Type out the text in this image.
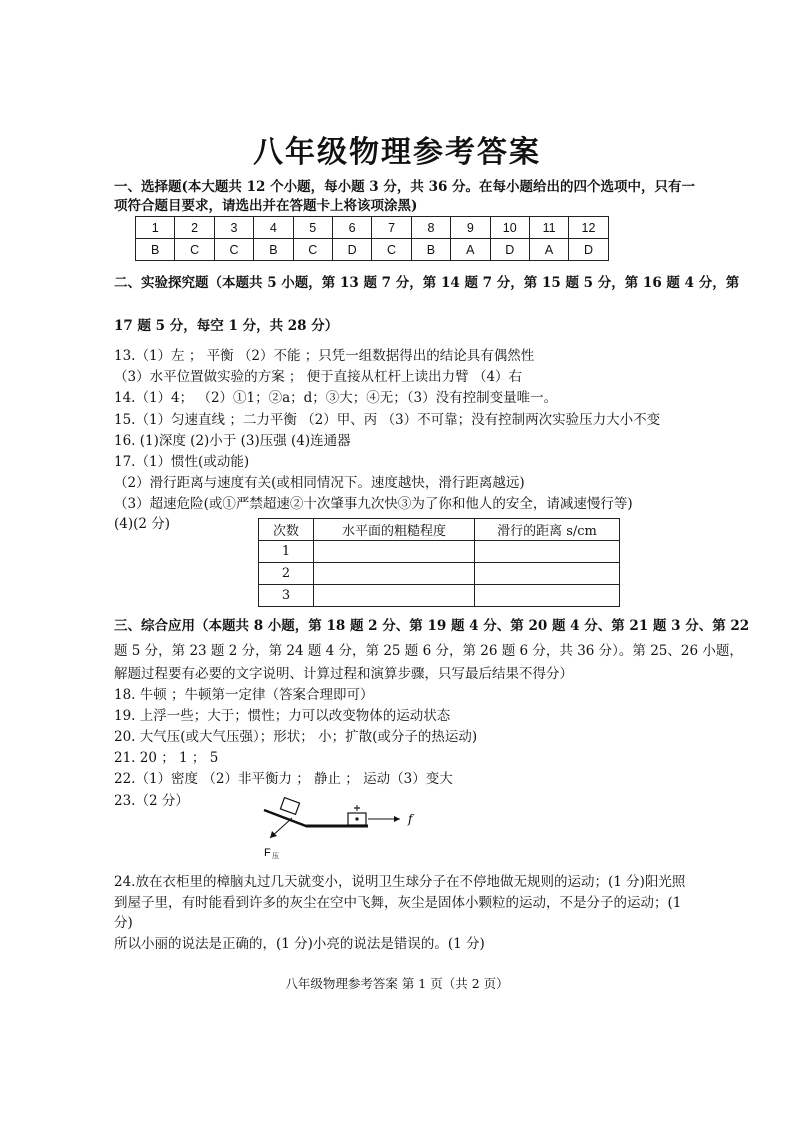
八年级物理参考答案
一、选择题(本大题共 12 个小题，每小题 3 分，共 36 分。在每小题给出的四个选项中，只有一
项符合题目要求，请选出并在答题卡上将该项涂黑)
1	2	3	4	5	6	7	8	9	10	11	12
B	C	C	B	C	D	C	B	A	D	A	D
二、实验探究题（本题共 5 小题，第 13 题 7 分，第 14 题 7 分，第 15 题 5 分，第 16 题 4 分，第
17 题 5 分，每空 1 分，共 28 分）
13.（1）左 ； 平衡 （2）不能 ；只凭一组数据得出的结论具有偶然性
（3）水平位置做实验的方案 ； 便于直接从杠杆上读出力臂 （4）右
14.（1）4； （2）①1；②a；d；③大；④无；（3）没有控制变量唯一。
15.（1）匀速直线 ；二力平衡 （2）甲、丙 （3）不可靠；没有控制两次实验压力大小不变
16. (1)深度 (2)小于 (3)压强 (4)连通器
17.（1）惯性(或动能)
（2）滑行距离与速度有关(或相同情况下。速度越快，滑行距离越远)
（3）超速危险(或①严禁超速②十次肇事九次快③为了你和他人的安全，请减速慢行等)
(4)(2 分)	次数	水平面的粗糙程度	滑行的距离 s/cm
1		
2		
3		
三、综合应用（本题共 8 小题，第 18 题 2 分、第 19 题 4 分、第 20 题 4 分、第 21 题 3 分、第 22
题 5 分，第 23 题 2 分，第 24 题 4 分，第 25 题 6 分，第 26 题 6 分，共 36 分）。第 25、26 小题，
解题过程要有必要的文字说明、计算过程和演算步骤，只写最后结果不得分）
18. 牛顿 ；牛顿第一定律（答案合理即可）
19. 上浮一些；大于；惯性；力可以改变物体的运动状态
20. 大气压(或大气压强）；形状； 小；扩散(或分子的热运动)
21. 20 ； 1 ； 5
22.（1）密度 （2）非平衡力 ； 静止 ； 运动（3）变大
23.（2 分）
f
F 压
24.放在衣柜里的樟脑丸过几天就变小，说明卫生球分子在不停地做无规则的运动；(1 分)阳光照
到屋子里，有时能看到许多的灰尘在空中飞舞，灰尘是固体小颗粒的运动，不是分子的运动；(1
分)
所以小丽的说法是正确的，(1 分)小亮的说法是错误的。(1 分)
八年级物理参考答案 第 1 页（共 2 页）
